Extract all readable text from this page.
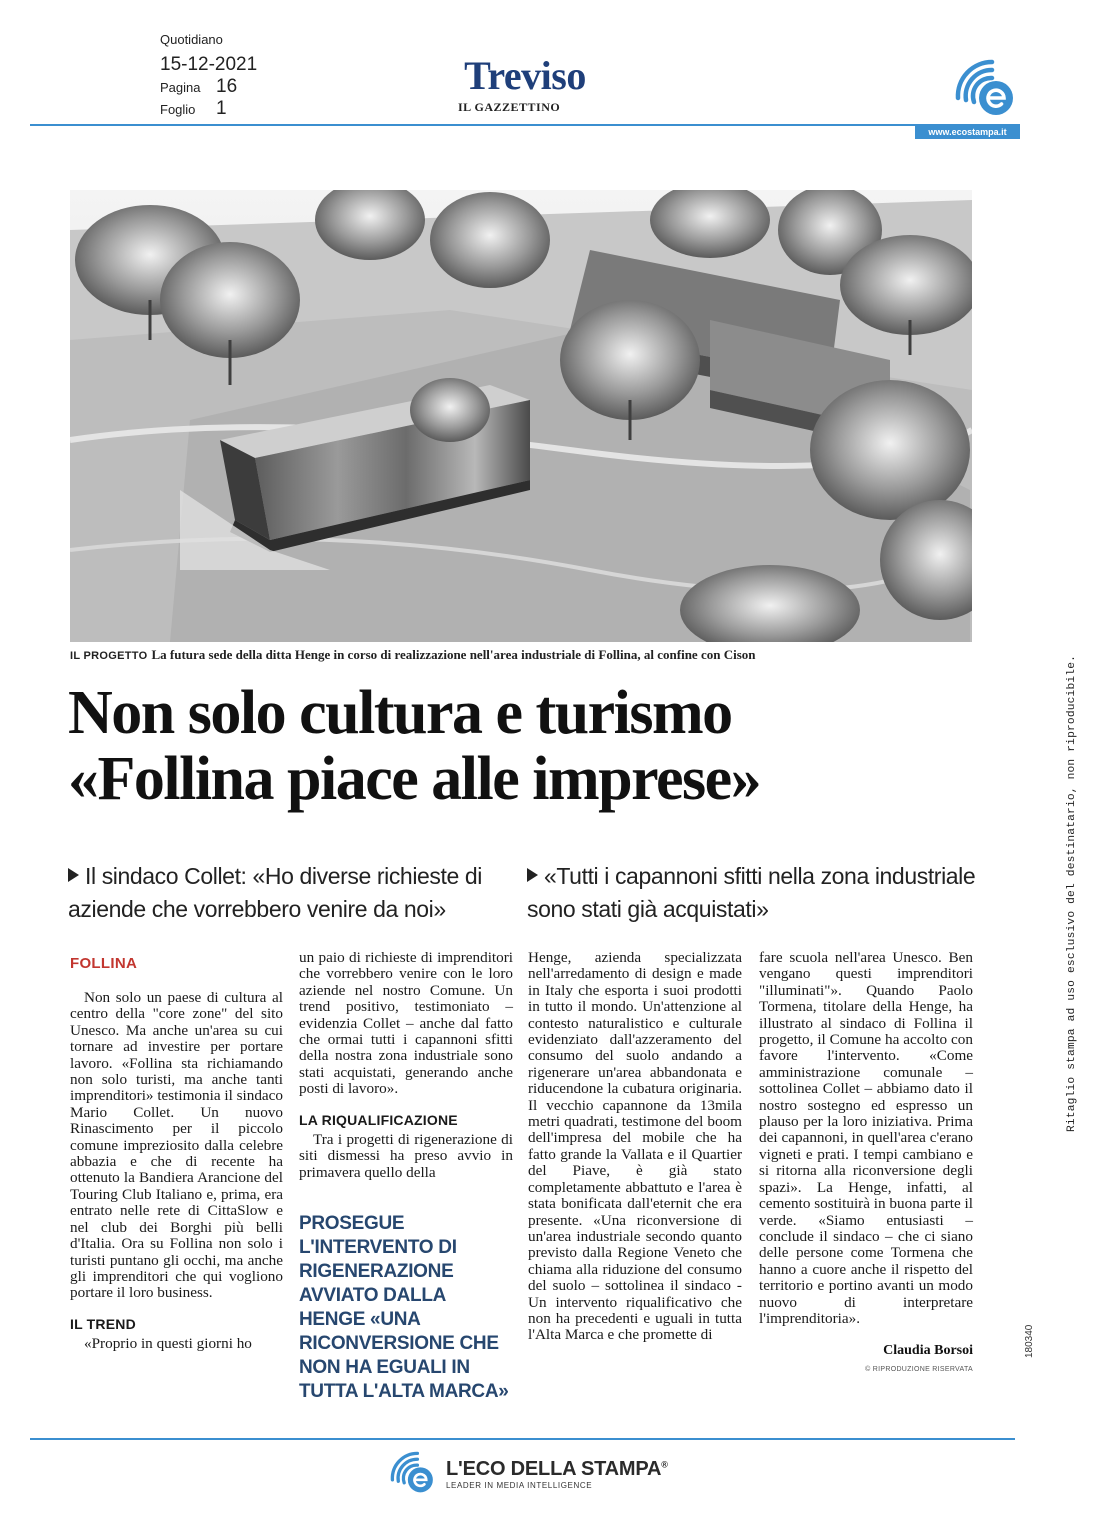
Quotidiano
15-12-2021
Pagina 16
Foglio	1
Treviso
IL GAZZETTINO
www.ecostampa.it
IL PROGETTO La futura sede della ditta Henge in corso di realizzazione nell'area industriale di Follina, al confine con Cison
Non solo cultura e turismo
«Follina piace alle imprese»
Il sindaco Collet: «Ho diverse richieste di aziende che vorrebbero venire da noi»
«Tutti i capannoni sfitti nella zona industriale sono stati già acquistati»
FOLLINA

Non solo un paese di cultura al centro della "core zone" del sito Unesco. Ma anche un'area su cui tornare ad investire per portare lavoro. «Follina sta richiamando non solo turisti, ma anche tanti imprenditori» testimonia il sindaco Mario Collet. Un nuovo Rinascimento per il piccolo comune impreziosito dalla celebre abbazia e che di recente ha ottenuto la Bandiera Arancione del Touring Club Italiano e, prima, era entrato nelle rete di CittaSlow e nel club dei Borghi più belli d'Italia. Ora su Follina non solo i turisti puntano gli occhi, ma anche gli imprenditori che qui vogliono portare il loro business.

IL TREND

«Proprio in questi giorni ho

un paio di richieste di imprenditori che vorrebbero venire con le loro aziende nel nostro Comune. Un trend positivo, testimoniato – evidenzia Collet – anche dal fatto che ormai tutti i capannoni sfitti della nostra zona industriale sono stati acquistati, generando anche posti di lavoro».

LA RIQUALIFICAZIONE

Tra i progetti di rigenerazione di siti dismessi ha preso avvio in primavera quello della

PROSEGUE L'INTERVENTO DI RIGENERAZIONE AVVIATO DALLA HENGE «UNA RICONVERSIONE CHE NON HA EGUALI IN TUTTA L'ALTA MARCA»

Henge, azienda specializzata nell'arredamento di design e made in Italy che esporta i suoi prodotti in tutto il mondo. Un'attenzione al contesto naturalistico e culturale evidenziato dall'azzeramento del consumo del suolo andando a rigenerare un'area abbandonata e riducendone la cubatura originaria. Il vecchio capannone da 13mila metri quadrati, testimone del boom dell'impresa del mobile che ha fatto grande la Vallata e il Quartier del Piave, è già stato completamente abbattuto e l'area è stata bonificata dall'eternit che era presente. «Una riconversione di un'area industriale secondo quanto previsto dalla Regione Veneto che chiama alla riduzione del consumo del suolo – sottolinea il sindaco - Un intervento riqualificativo che non ha precedenti e uguali in tutta l'Alta Marca e che promette di

fare scuola nell'area Unesco. Ben vengano questi imprenditori "illuminati"». Quando Paolo Tormena, titolare della Henge, ha illustrato al sindaco di Follina il progetto, il Comune ha accolto con favore l'intervento. «Come amministrazione comunale – sottolinea Collet – abbiamo dato il nostro sostegno ed espresso un plauso per la loro iniziativa. Prima dei capannoni, in quell'area c'erano vigneti e prati. I tempi cambiano e si ritorna alla riconversione degli spazi». La Henge, infatti, al cemento sostituirà in buona parte il verde. «Siamo entusiasti – conclude il sindaco – che ci siano delle persone come Tormena che hanno a cuore anche il rispetto del territorio e portino avanti un modo nuovo di interpretare l'imprenditoria».

Claudia Borsoi
© RIPRODUZIONE RISERVATA
Ritaglio stampa ad uso esclusivo del destinatario, non riproducibile.
180340
L'ECO DELLA STAMPA®
LEADER IN MEDIA INTELLIGENCE
